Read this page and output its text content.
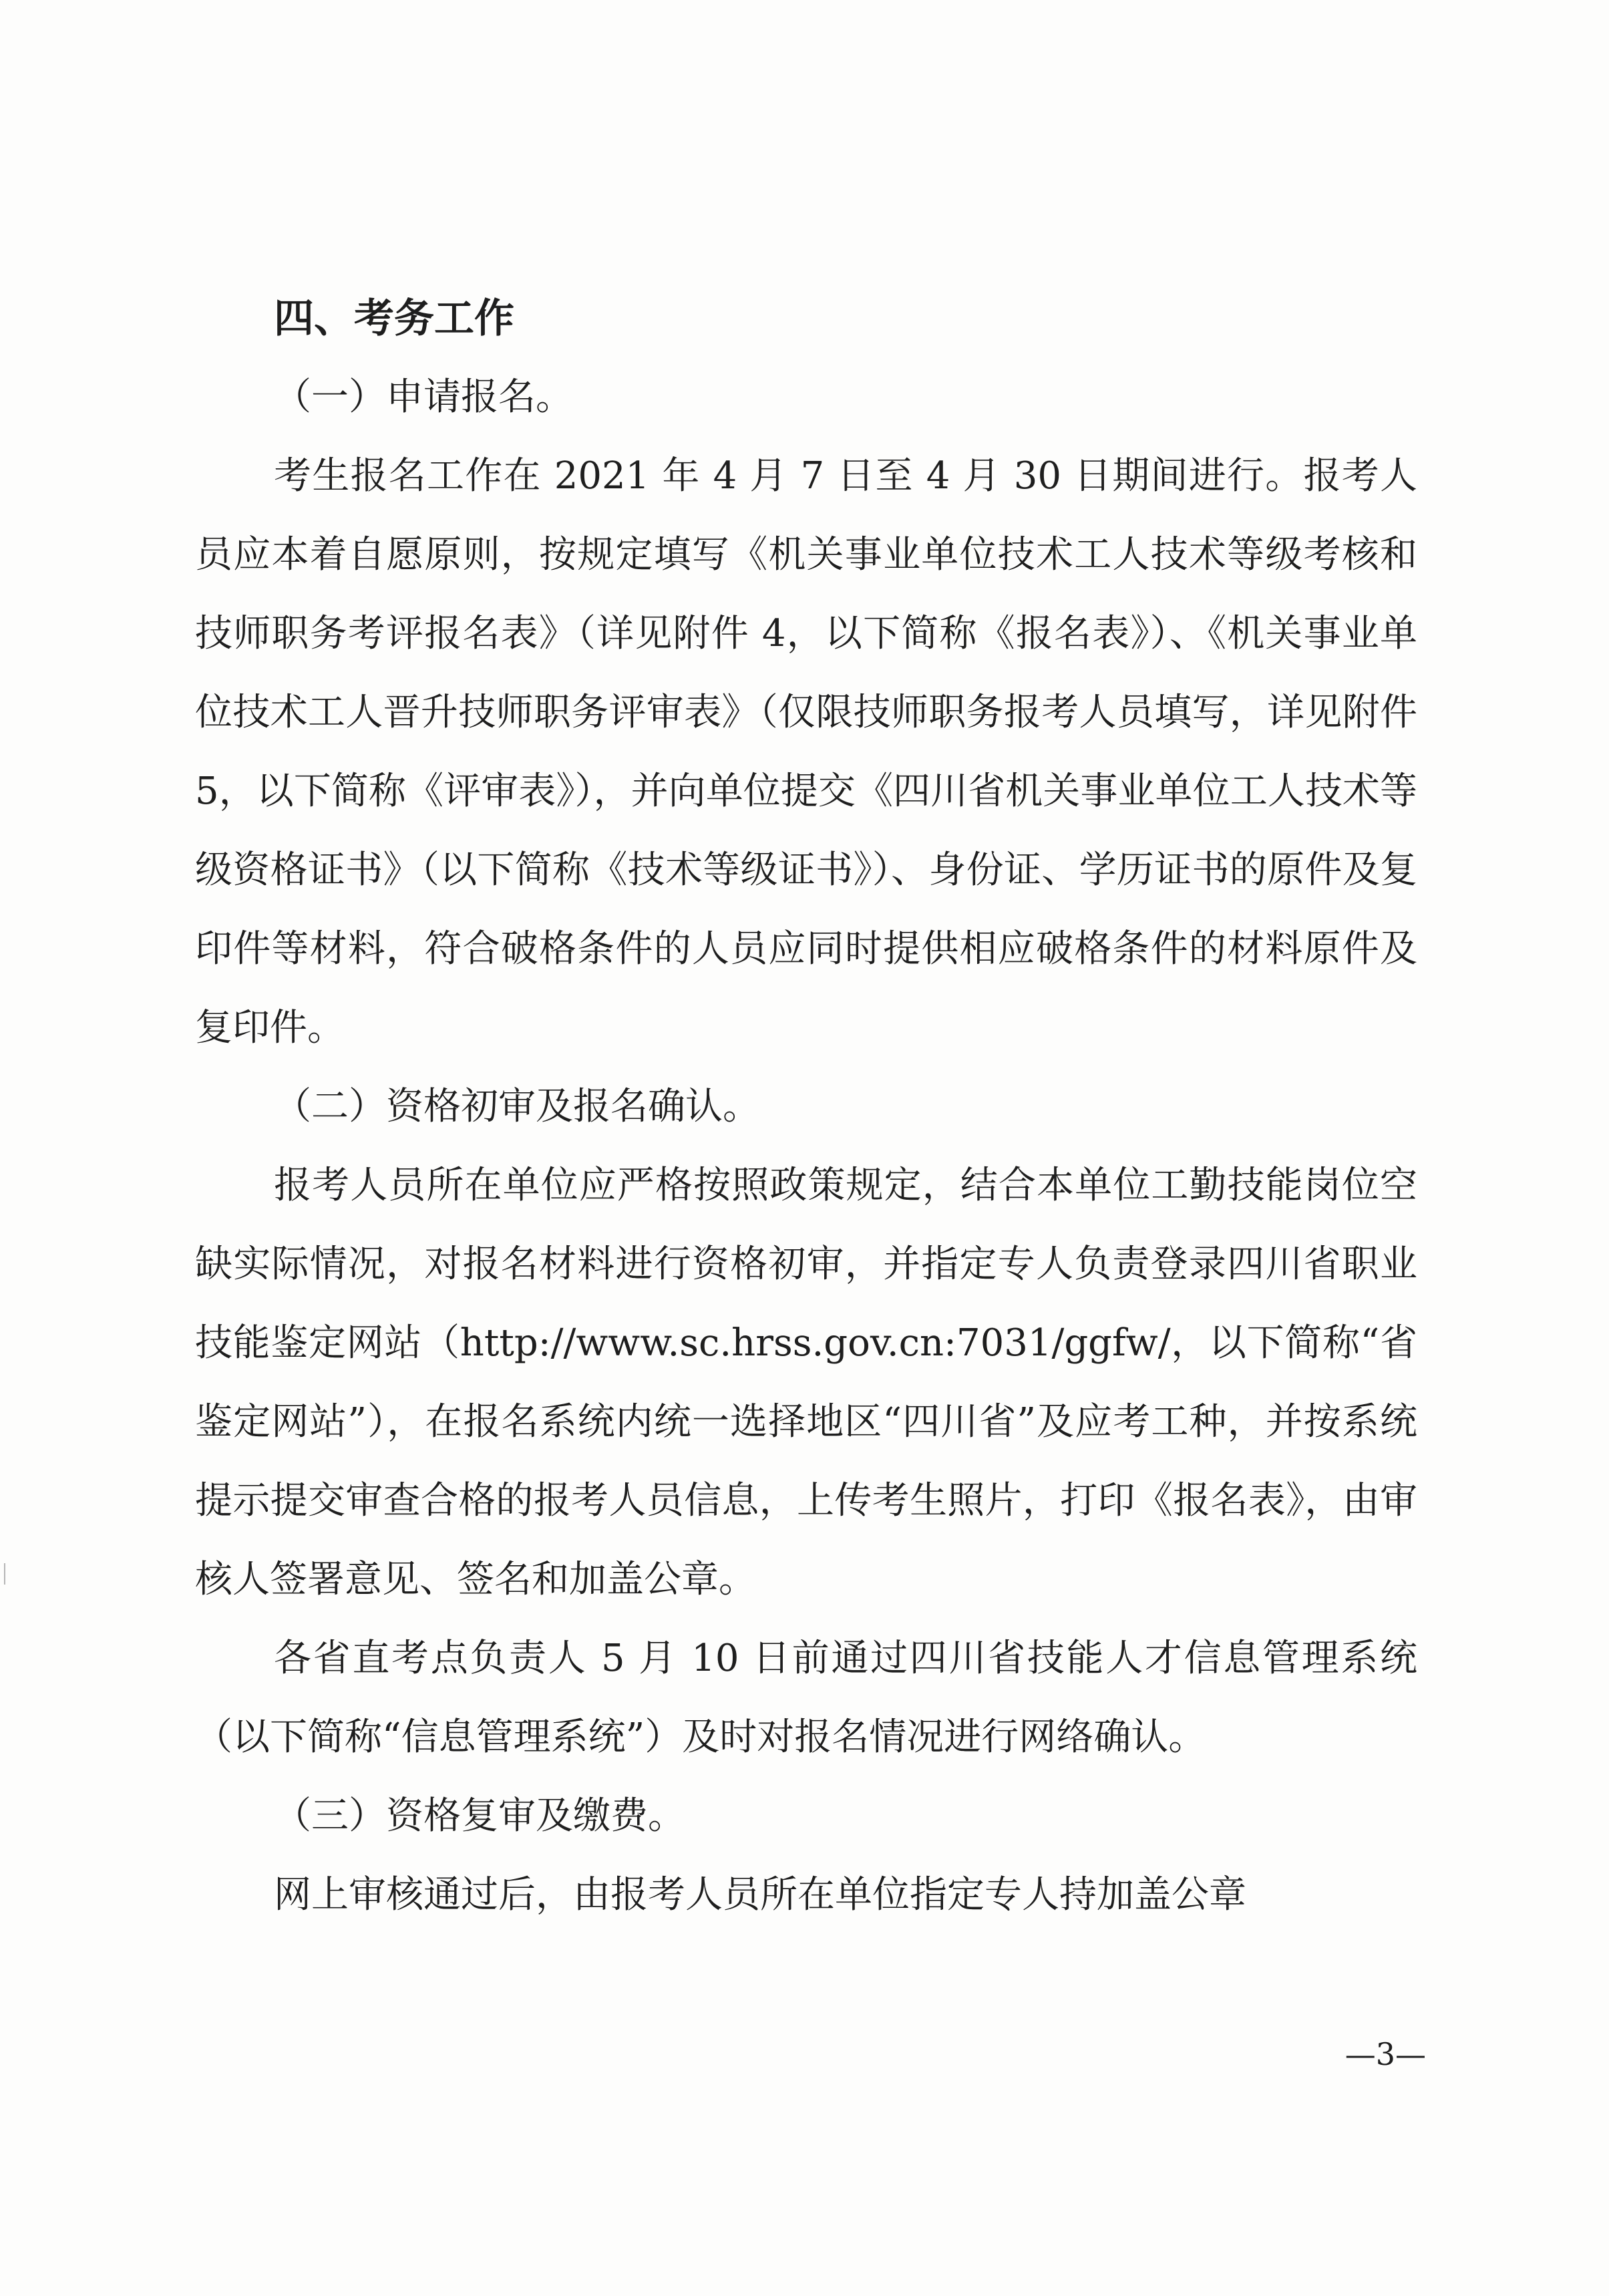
四、考务工作
（一）申请报名。

考生报名工作在 2021 年 4 月 7 日至 4 月 30 日期间进行。报考人员应本着自愿原则，按规定填写《机关事业单位技术工人技术等级考核和技师职务考评报名表》（详见附件 4，以下简称《报名表》）、《机关事业单位技术工人晋升技师职务评审表》（仅限技师职务报考人员填写，详见附件 5，以下简称《评审表》），并向单位提交《四川省机关事业单位工人技术等级资格证书》（以下简称《技术等级证书》）、身份证、学历证书的原件及复印件等材料，符合破格条件的人员应同时提供相应破格条件的材料原件及复印件。

（二）资格初审及报名确认。

报考人员所在单位应严格按照政策规定，结合本单位工勤技能岗位空缺实际情况，对报名材料进行资格初审，并指定专人负责登录四川省职业技能鉴定网站（http://www.sc.hrss.gov.cn:7031/ggfw/，以下简称“省鉴定网站”），在报名系统内统一选择地区“四川省”及应考工种，并按系统提示提交审查合格的报考人员信息，上传考生照片，打印《报名表》，由审核人签署意见、签名和加盖公章。

各省直考点负责人 5 月 10 日前通过四川省技能人才信息管理系统（以下简称“信息管理系统”）及时对报名情况进行网络确认。

（三）资格复审及缴费。

网上审核通过后，由报考人员所在单位指定专人持加盖公章

—3—
